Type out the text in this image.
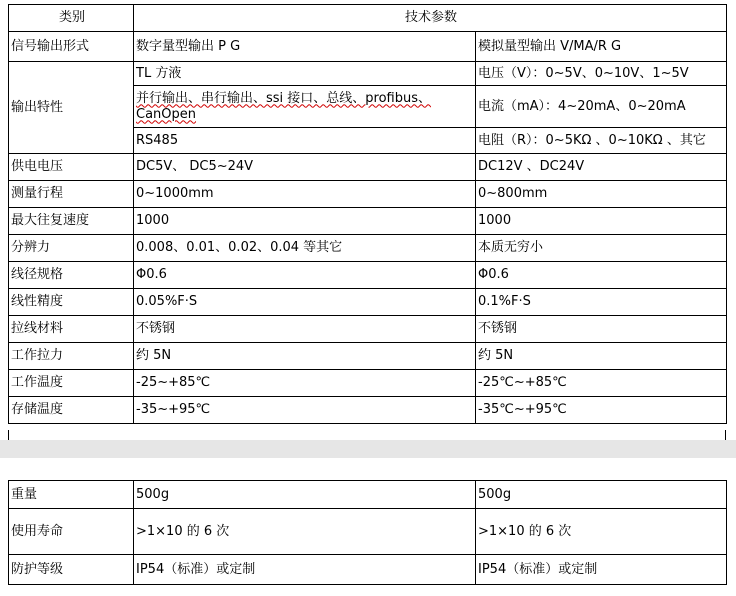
类别	技术参数	
信号输出形式	数字量型输出 P G	模拟量型输出 V/MA/R G
输出特性	TL 方液	电压（V）：0~5V、0~10V、1~5V
	并行输出、串行输出、ssi 接口、总线、profibus、CanOpen	电流（mA）：4~20mA、0~20mA
	RS485	电阻（R）：0~5KΩ 、0~10KΩ 、其它
供电电压	DC5V、 DC5~24V	DC12V 、DC24V
测量行程	0~1000mm	0~800mm
最大往复速度	1000	1000
分辨力	0.008、0.01、0.02、0.04 等其它	本质无穷小
线径规格	Φ0.6	Φ0.6
线性精度	0.05%F·S	0.1%F·S
拉线材料	不锈钢	不锈钢
工作拉力	约 5N	约 5N
工作温度	-25~+85℃	-25℃~+85℃
存储温度	-35~+95℃	-35℃~+95℃
重量	500g	500g
使用寿命	>1×10 的 6 次	>1×10 的 6 次
防护等级	IP54（标准）或定制	IP54（标准）或定制
